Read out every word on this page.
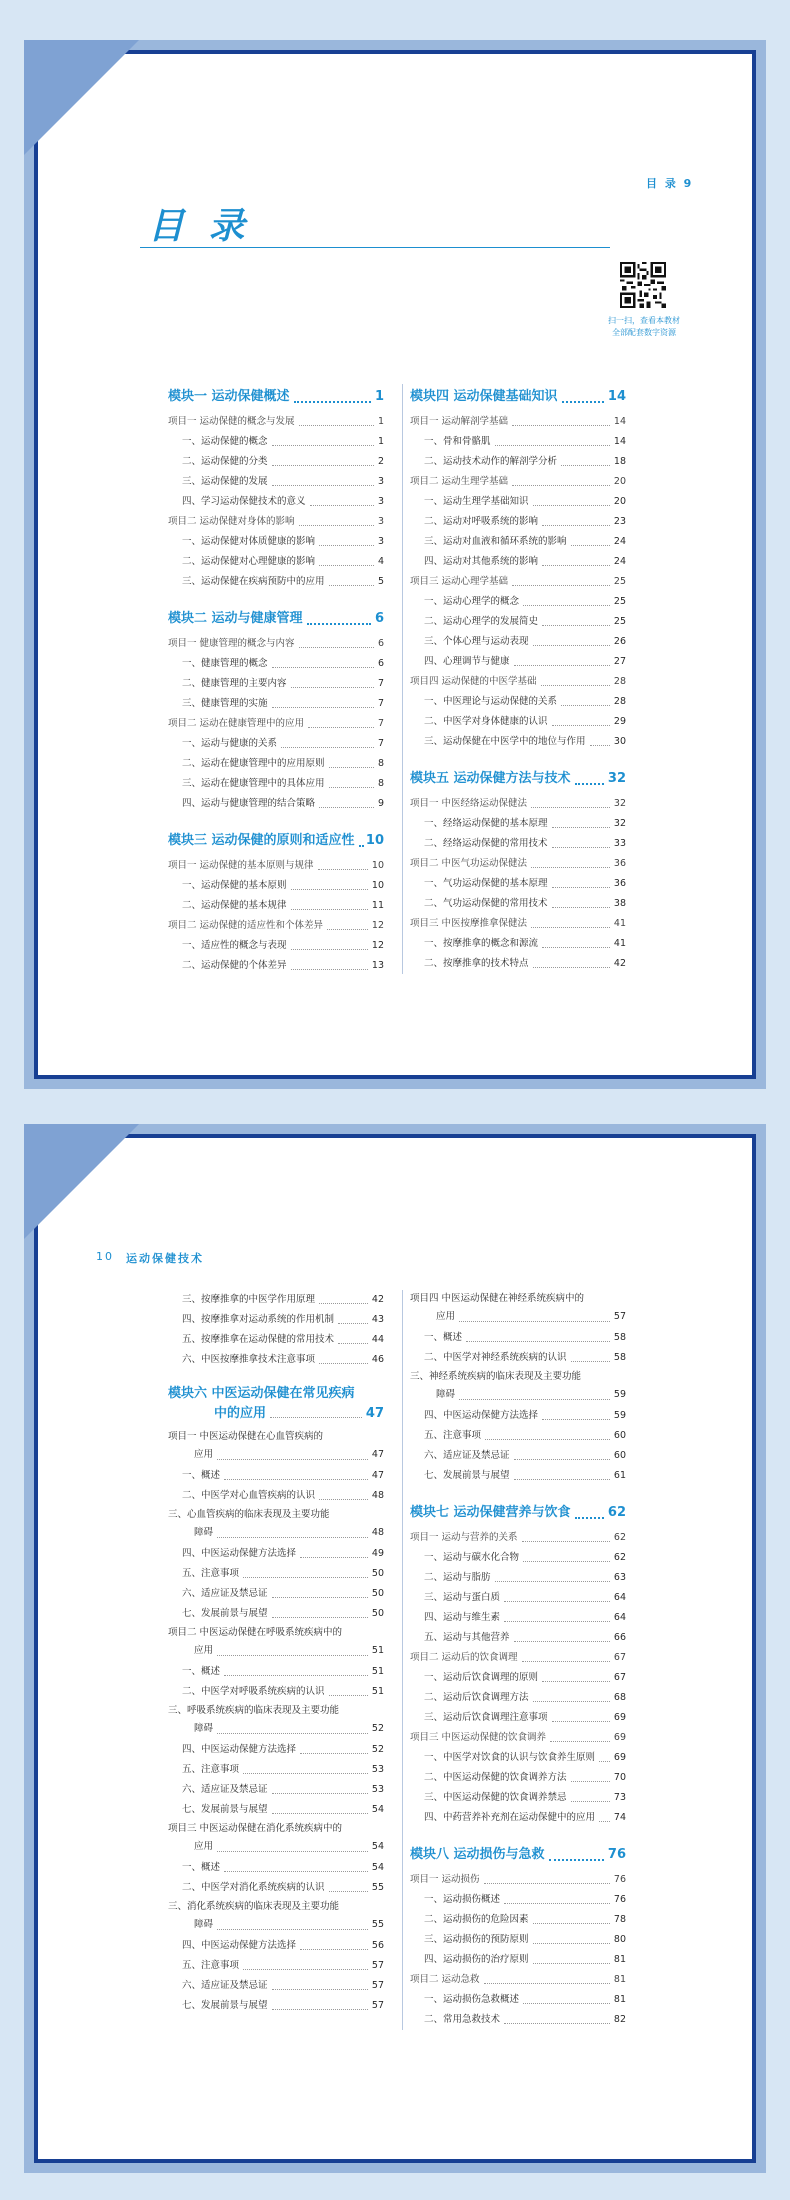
目 录 9
目 录
扫一扫，查看本教材全部配套数字资源
模块一 运动保健概述	1
项目一 运动保健的概念与发展	1
一、运动保健的概念	1
二、运动保健的分类	2
三、运动保健的发展	3
四、学习运动保健技术的意义	3
项目二 运动保健对身体的影响	3
一、运动保健对体质健康的影响	3
二、运动保健对心理健康的影响	4
三、运动保健在疾病预防中的应用	5
模块二 运动与健康管理	6
项目一 健康管理的概念与内容	6
一、健康管理的概念	6
二、健康管理的主要内容	7
三、健康管理的实施	7
项目二 运动在健康管理中的应用	7
一、运动与健康的关系	7
二、运动在健康管理中的应用原则	8
三、运动在健康管理中的具体应用	8
四、运动与健康管理的结合策略	9
模块三 运动保健的原则和适应性 10
项目一 运动保健的基本原则与规律	10
一、运动保健的基本原则	10
二、运动保健的基本规律	11
项目二 运动保健的适应性和个体差异	12
一、适应性的概念与表现	12
二、运动保健的个体差异	13
模块四 运动保健基础知识	14
项目一 运动解剖学基础	14
一、骨和骨骼肌	14
二、运动技术动作的解剖学分析	18
项目二 运动生理学基础	20
一、运动生理学基础知识	20
二、运动对呼吸系统的影响	23
三、运动对血液和循环系统的影响	24
四、运动对其他系统的影响	24
项目三 运动心理学基础	25
一、运动心理学的概念	25
二、运动心理学的发展简史	25
三、个体心理与运动表现	26
四、心理调节与健康	27
项目四 运动保健的中医学基础	28
一、中医理论与运动保健的关系	28
二、中医学对身体健康的认识	29
三、运动保健在中医学中的地位与作用	30
模块五 运动保健方法与技术	32
项目一 中医经络运动保健法	32
一、经络运动保健的基本原理	32
二、经络运动保健的常用技术	33
项目二 中医气功运动保健法	36
一、气功运动保健的基本原理	36
二、气功运动保健的常用技术	38
项目三 中医按摩推拿保健法	41
一、按摩推拿的概念和源流	41
二、按摩推拿的技术特点	42
10 运动保健技术
三、按摩推拿的中医学作用原理	42
四、按摩推拿对运动系统的作用机制	43
五、按摩推拿在运动保健的常用技术	44
六、中医按摩推拿技术注意事项	46
模块六 中医运动保健在常见疾病
中的应用	47
项目一 中医运动保健在心血管疾病的
应用	47
一、概述	47
二、中医学对心血管疾病的认识	48
三、心血管疾病的临床表现及主要功能
障碍	48
四、中医运动保健方法选择	49
五、注意事项	50
六、适应证及禁忌证	50
七、发展前景与展望	50
项目二 中医运动保健在呼吸系统疾病中的
应用	51
一、概述	51
二、中医学对呼吸系统疾病的认识	51
三、呼吸系统疾病的临床表现及主要功能
障碍	52
四、中医运动保健方法选择	52
五、注意事项	53
六、适应证及禁忌证	53
七、发展前景与展望	54
项目三 中医运动保健在消化系统疾病中的
应用	54
一、概述	54
二、中医学对消化系统疾病的认识	55
三、消化系统疾病的临床表现及主要功能
障碍	55
四、中医运动保健方法选择	56
五、注意事项	57
六、适应证及禁忌证	57
七、发展前景与展望	57
项目四 中医运动保健在神经系统疾病中的
应用	57
一、概述	58
二、中医学对神经系统疾病的认识	58
三、神经系统疾病的临床表现及主要功能
障碍	59
四、中医运动保健方法选择	59
五、注意事项	60
六、适应证及禁忌证	60
七、发展前景与展望	61
模块七 运动保健营养与饮食	62
项目一 运动与营养的关系	62
一、运动与碳水化合物	62
二、运动与脂肪	63
三、运动与蛋白质	64
四、运动与维生素	64
五、运动与其他营养	66
项目二 运动后的饮食调理	67
一、运动后饮食调理的原则	67
二、运动后饮食调理方法	68
三、运动后饮食调理注意事项	69
项目三 中医运动保健的饮食调养	69
一、中医学对饮食的认识与饮食养生原则 69
二、中医运动保健的饮食调养方法	70
三、中医运动保健的饮食调养禁忌	73
四、中药营养补充剂在运动保健中的应用 74
模块八 运动损伤与急救	76
项目一 运动损伤	76
一、运动损伤概述	76
二、运动损伤的危险因素	78
三、运动损伤的预防原则	80
四、运动损伤的治疗原则	81
项目二 运动急救	81
一、运动损伤急救概述	81
二、常用急救技术	82
